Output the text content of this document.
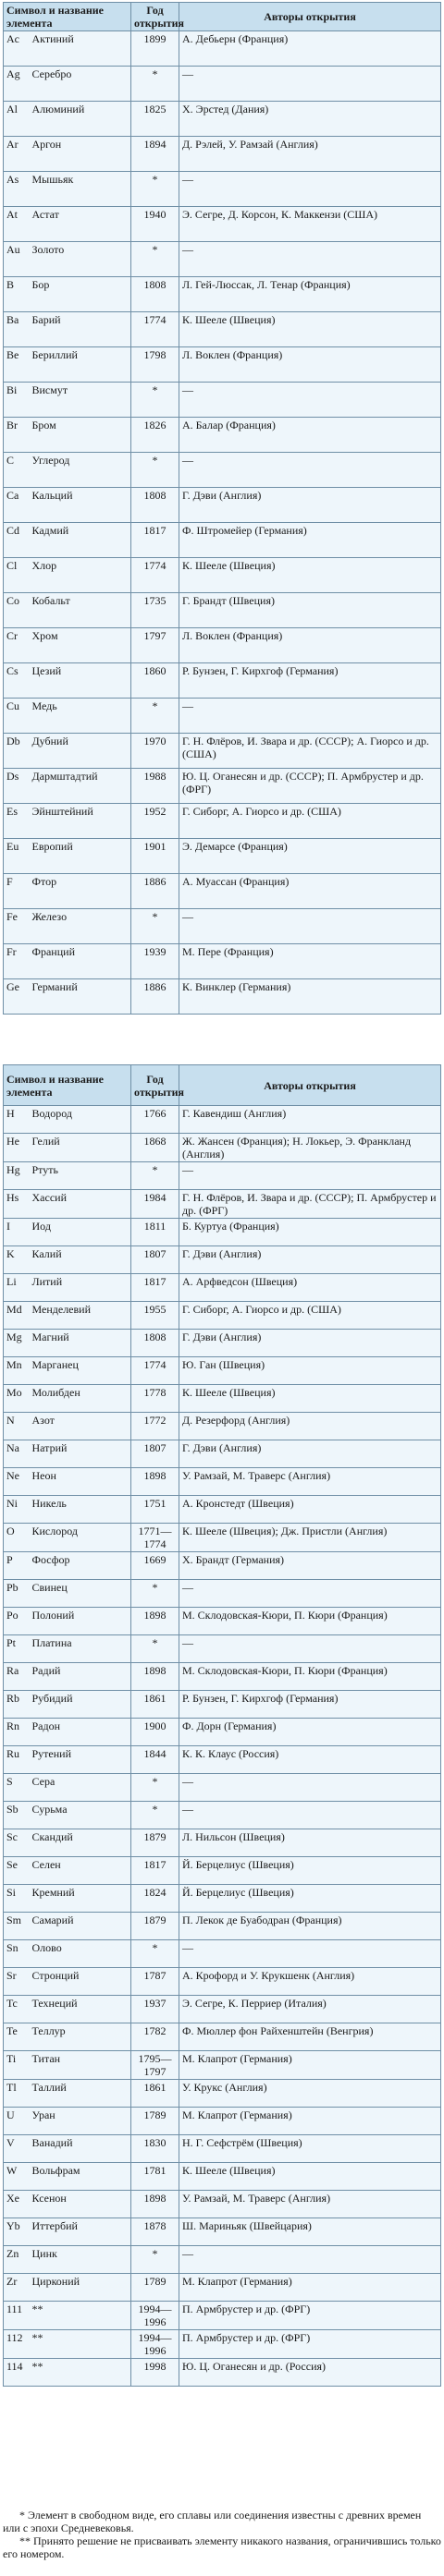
Символ и название элемента		Год открытия	Авторы открытия
Ac	Актиний	1899	А. Дебьерн (Франция)
Ag	Серебро	*	—
Al	Алюминий	1825	Х. Эрстед (Дания)
Ar	Аргон	1894	Д. Рэлей, У. Рамзай (Англия)
As	Мышьяк	*	—
At	Астат	1940	Э. Сегре, Д. Корсон, К. Маккензи (США)
Au	Золото	*	—
B	Бор	1808	Л. Гей-Люссак, Л. Тенар (Франция)
Ba	Барий	1774	К. Шееле (Швеция)
Be	Бериллий	1798	Л. Воклен (Франция)
Bi	Висмут	*	—
Br	Бром	1826	А. Балар (Франция)
C	Углерод	*	—
Ca	Кальций	1808	Г. Дэви (Англия)
Cd	Кадмий	1817	Ф. Штромейер (Германия)
Cl	Хлор	1774	К. Шееле (Швеция)
Co	Кобальт	1735	Г. Брандт (Швеция)
Cr	Хром	1797	Л. Воклен (Франция)
Cs	Цезий	1860	Р. Бунзен, Г. Кирхгоф (Германия)
Cu	Медь	*	—
Db	Дубний	1970	Г. Н. Флёров, И. Звара и др. (СССР); А. Гиорсо и др. (США)
Ds	Дармштадтий	1988	Ю. Ц. Оганесян и др. (СССР); П. Армбрустер и др. (ФРГ)
Es	Эйнштейний	1952	Г. Сиборг, А. Гиорсо и др. (США)
Eu	Европий	1901	Э. Демарсе (Франция)
F	Фтор	1886	А. Муассан (Франция)
Fe	Железо	*	—
Fr	Франций	1939	М. Пере (Франция)
Ge	Германий	1886	К. Винклер (Германия)
Символ и название элемента		Год открытия	Авторы открытия
H	Водород	1766	Г. Кавендиш (Англия)
He	Гелий	1868	Ж. Жансен (Франция); Н. Локьер, Э. Франкланд (Англия)
Hg	Ртуть	*	—
Hs	Хассий	1984	Г. Н. Флёров, И. Звара и др. (СССР); П. Армбрустер и др. (ФРГ)
I	Иод	1811	Б. Куртуа (Франция)
K	Калий	1807	Г. Дэви (Англия)
Li	Литий	1817	А. Арфведсон (Швеция)
Md	Менделевий	1955	Г. Сиборг, А. Гиорсо и др. (США)
Mg	Магний	1808	Г. Дэви (Англия)
Mn	Марганец	1774	Ю. Ган (Швеция)
Mo	Молибден	1778	К. Шееле (Швеция)
N	Азот	1772	Д. Резерфорд (Англия)
Na	Натрий	1807	Г. Дэви (Англия)
Ne	Неон	1898	У. Рамзай, М. Траверс (Англия)
Ni	Никель	1751	А. Кронстедт (Швеция)
O	Кислород	1771—1774	К. Шееле (Швеция); Дж. Пристли (Англия)
P	Фосфор	1669	Х. Брандт (Германия)
Pb	Свинец	*	—
Po	Полоний	1898	М. Склодовская-Кюри, П. Кюри (Франция)
Pt	Платина	*	—
Ra	Радий	1898	М. Склодовская-Кюри, П. Кюри (Франция)
Rb	Рубидий	1861	Р. Бунзен, Г. Кирхгоф (Германия)
Rn	Радон	1900	Ф. Дорн (Германия)
Ru	Рутений	1844	К. К. Клаус (Россия)
S	Сера	*	—
Sb	Сурьма	*	—
Sc	Скандий	1879	Л. Нильсон (Швеция)
Se	Селен	1817	Й. Берцелиус (Швеция)
Si	Кремний	1824	Й. Берцелиус (Швеция)
Sm	Самарий	1879	П. Лекок де Буабодран (Франция)
Sn	Олово	*	—
Sr	Стронций	1787	А. Крофорд и У. Крукшенк (Англия)
Tc	Технеций	1937	Э. Сегре, К. Перриер (Италия)
Te	Теллур	1782	Ф. Мюллер фон Райхенштейн (Венгрия)
Ti	Титан	1795—1797	М. Клапрот (Германия)
Tl	Таллий	1861	У. Крукс (Англия)
U	Уран	1789	М. Клапрот (Германия)
V	Ванадий	1830	Н. Г. Сефстрём (Швеция)
W	Вольфрам	1781	К. Шееле (Швеция)
Xe	Ксенон	1898	У. Рамзай, М. Траверс (Англия)
Yb	Иттербий	1878	Ш. Мариньяк (Швейцария)
Zn	Цинк	*	—
Zr	Цирконий	1789	М. Клапрот (Германия)
111	**	1994—1996	П. Армбрустер и др. (ФРГ)
112	**	1994—1996	П. Армбрустер и др. (ФРГ)
114	**	1998	Ю. Ц. Оганесян и др. (Россия)

* Элемент в свободном виде, его сплавы или соединения известны с древних времен или с эпохи Средневековья.

** Принято решение не присваивать элементу никакого названия, ограничившись только его номером.
